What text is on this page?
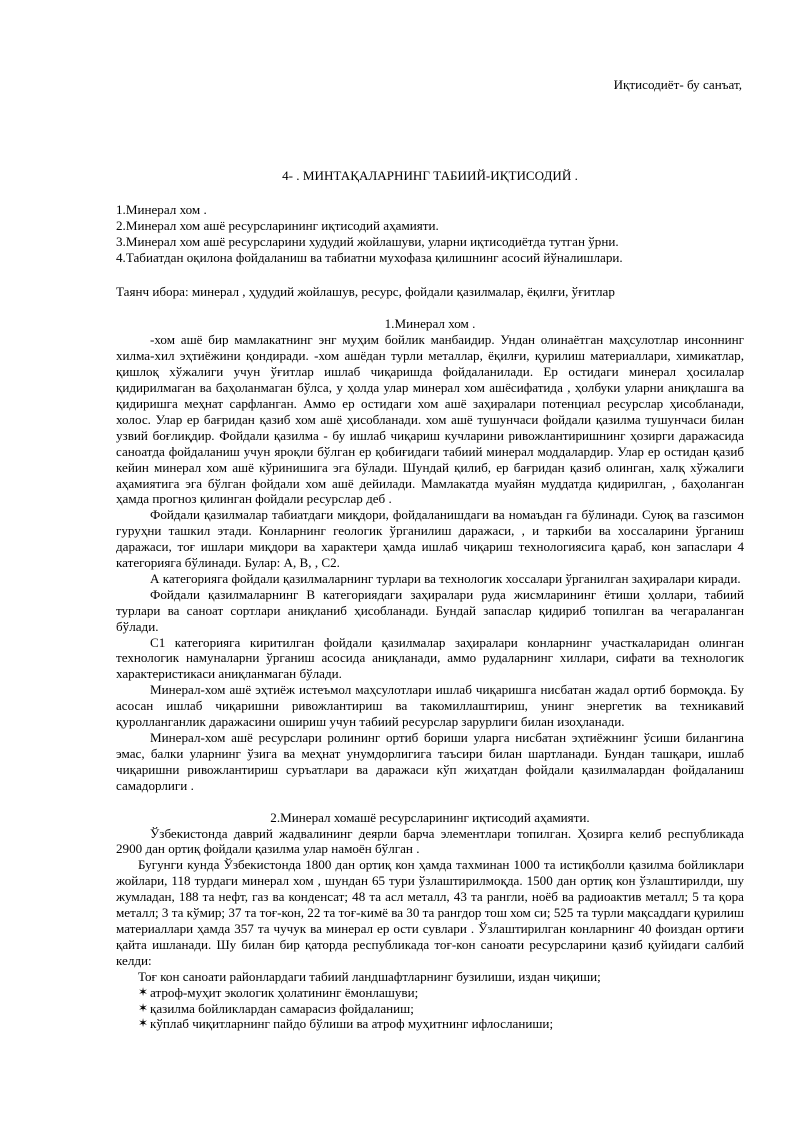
Иқтисодиёт- бу санъат,
4- . МИНТАҚАЛАРНИНГ ТАБИИЙ-ИҚТИСОДИЙ .
1.Минерал хом .
2.Минерал хом ашё ресурсларининг иқтисодий аҳамияти.
3.Минерал хом ашё ресурсларини худудий жойлашуви, уларни иқтисодиётда тутган ўрни.
4.Табиатдан оқилона фойдаланиш ва табиатни мухофаза қилишнинг асосий йўналишлари.
Таянч ибора: минерал , ҳудудий жойлашув, ресурс, фойдали қазилмалар, ёқилғи, ўғитлар
1.Минерал хом .

-хом ашё бир мамлакатнинг энг муҳим бойлик манбаидир. Ундан олинаётган маҳсулотлар инсоннинг хилма-хил эҳтиёжини қондиради. -хом ашёдан турли металлар, ёқилғи, қурилиш материаллари, химикатлар, қишлоқ хўжалиги учун ўғитлар ишлаб чиқаришда фойдаланилади. Ер остидаги минерал ҳосилалар қидирилмаган ва баҳоланмаган бўлса, у ҳолда улар минерал хом ашёсифатида , ҳолбуки уларни аниқлашга ва қидиришга меҳнат сарфланган. Аммо ер остидаги хом ашё заҳиралари потенциал ресурслар ҳисобланади, холос. Улар ер бағридан қазиб хом ашё ҳисобланади. хом ашё тушунчаси фойдали қазилма тушунчаси билан узвий боғлиқдир. Фойдали қазилма - бу ишлаб чиқариш кучларини ривожлантиришнинг ҳозирги даражасида саноатда фойдаланиш учун яроқли бўлган ер қобиғидаги табиий минерал моддалардир. Улар ер остидан қазиб кейин минерал хом ашё кўринишига эга бўлади. Шундай қилиб, ер бағридан қазиб олинган, халқ хўжалиги аҳамиятига эга бўлган фойдали хом ашё дейилади. Мамлакатда муайян муддатда қидирилган, , баҳоланган ҳамда прогноз қилинган фойдали ресурслар деб .

Фойдали қазилмалар табиатдаги миқдори, фойдаланишдаги ва номаъдан га бўлинади. Суюқ ва газсимон гуруҳни ташкил этади. Конларнинг геологик ўрганилиш даражаси, , и таркиби ва хоссаларини ўрганиш даражаси, тоғ ишлари миқдори ва характери ҳамда ишлаб чиқариш технологиясига қараб, кон запаслари 4 категорияга бўлинади. Булар: А, В, , С2.

А категорияга фойдали қазилмаларнинг турлари ва технологик хоссалари ўрганилган заҳиралари киради.

Фойдали қазилмаларнинг В категориядаги заҳиралари руда жисмларининг ётиши ҳоллари, табиий турлари ва саноат сортлари аниқланиб ҳисобланади. Бундай запаслар қидириб топилган ва чегараланган бўлади.

С1 категорияга киритилган фойдали қазилмалар заҳиралари конларнинг участкаларидан олинган технологик намуналарни ўрганиш асосида аниқланади, аммо рудаларнинг хиллари, сифати ва технологик характеристикаси аниқланмаган бўлади.

Минерал-хом ашё эҳтиёж истеъмол маҳсулотлари ишлаб чиқаришга нисбатан жадал ортиб бормоқда. Бу асосан ишлаб чиқаришни ривожлантириш ва такомиллаштириш, унинг энергетик ва техникавий қуролланганлик даражасини ошириш учун табиий ресурслар зарурлиги билан изоҳланади.

Минерал-хом ашё ресурслари ролининг ортиб бориши уларга нисбатан эҳтиёжнинг ўсиши билангина эмас, балки уларнинг ўзига ва меҳнат унумдорлигига таъсири билан шартланади. Бундан ташқари, ишлаб чиқаришни ривожлантириш суръатлари ва даражаси кўп жиҳатдан фойдали қазилмалардан фойдаланиш самадорлиги .

2.Минерал хомашё ресурсларининг иқтисодий аҳамияти.

Ўзбекистонда даврий жадвалининг деярли барча элементлари топилган. Ҳозирга келиб республикада 2900 дан ортиқ фойдали қазилма улар намоён бўлган .

Бугунги кунда Ўзбекистонда 1800 дан ортиқ кон ҳамда тахминан 1000 та истиқболли қазилма бойликлари жойлари, 118 турдаги минерал хом , шундан 65 тури ўзлаштирилмоқда. 1500 дан ортиқ кон ўзлаштирилди, шу жумладан, 188 та нефт, газ ва конденсат; 48 та асл металл, 43 та рангли, ноёб ва радиоактив металл; 5 та қора металл; 3 та кўмир; 37 та тоғ-кон, 22 та тоғ-кимё ва 30 та рангдор тош хом си; 525 та турли мақсаддаги қурилиш материаллари ҳамда 357 та чучук ва минерал ер ости сувлари . Ўзлаштирилган конларнинг 40 фоиздан ортиғи қайта ишланади. Шу билан бир қаторда республикада тоғ-кон саноати ресурсларини қазиб қуйидаги салбий келди:

Тоғ кон саноати районлардаги табиий ландшафтларнинг бузилиши, издан чиқиши;

✶ атроф-муҳит экологик ҳолатининг ёмонлашуви;
✶ қазилма бойликлардан самарасиз фойдаланиш;
✶ кўплаб чиқитларнинг пайдо бўлиши ва атроф муҳитнинг ифлосланиши;
